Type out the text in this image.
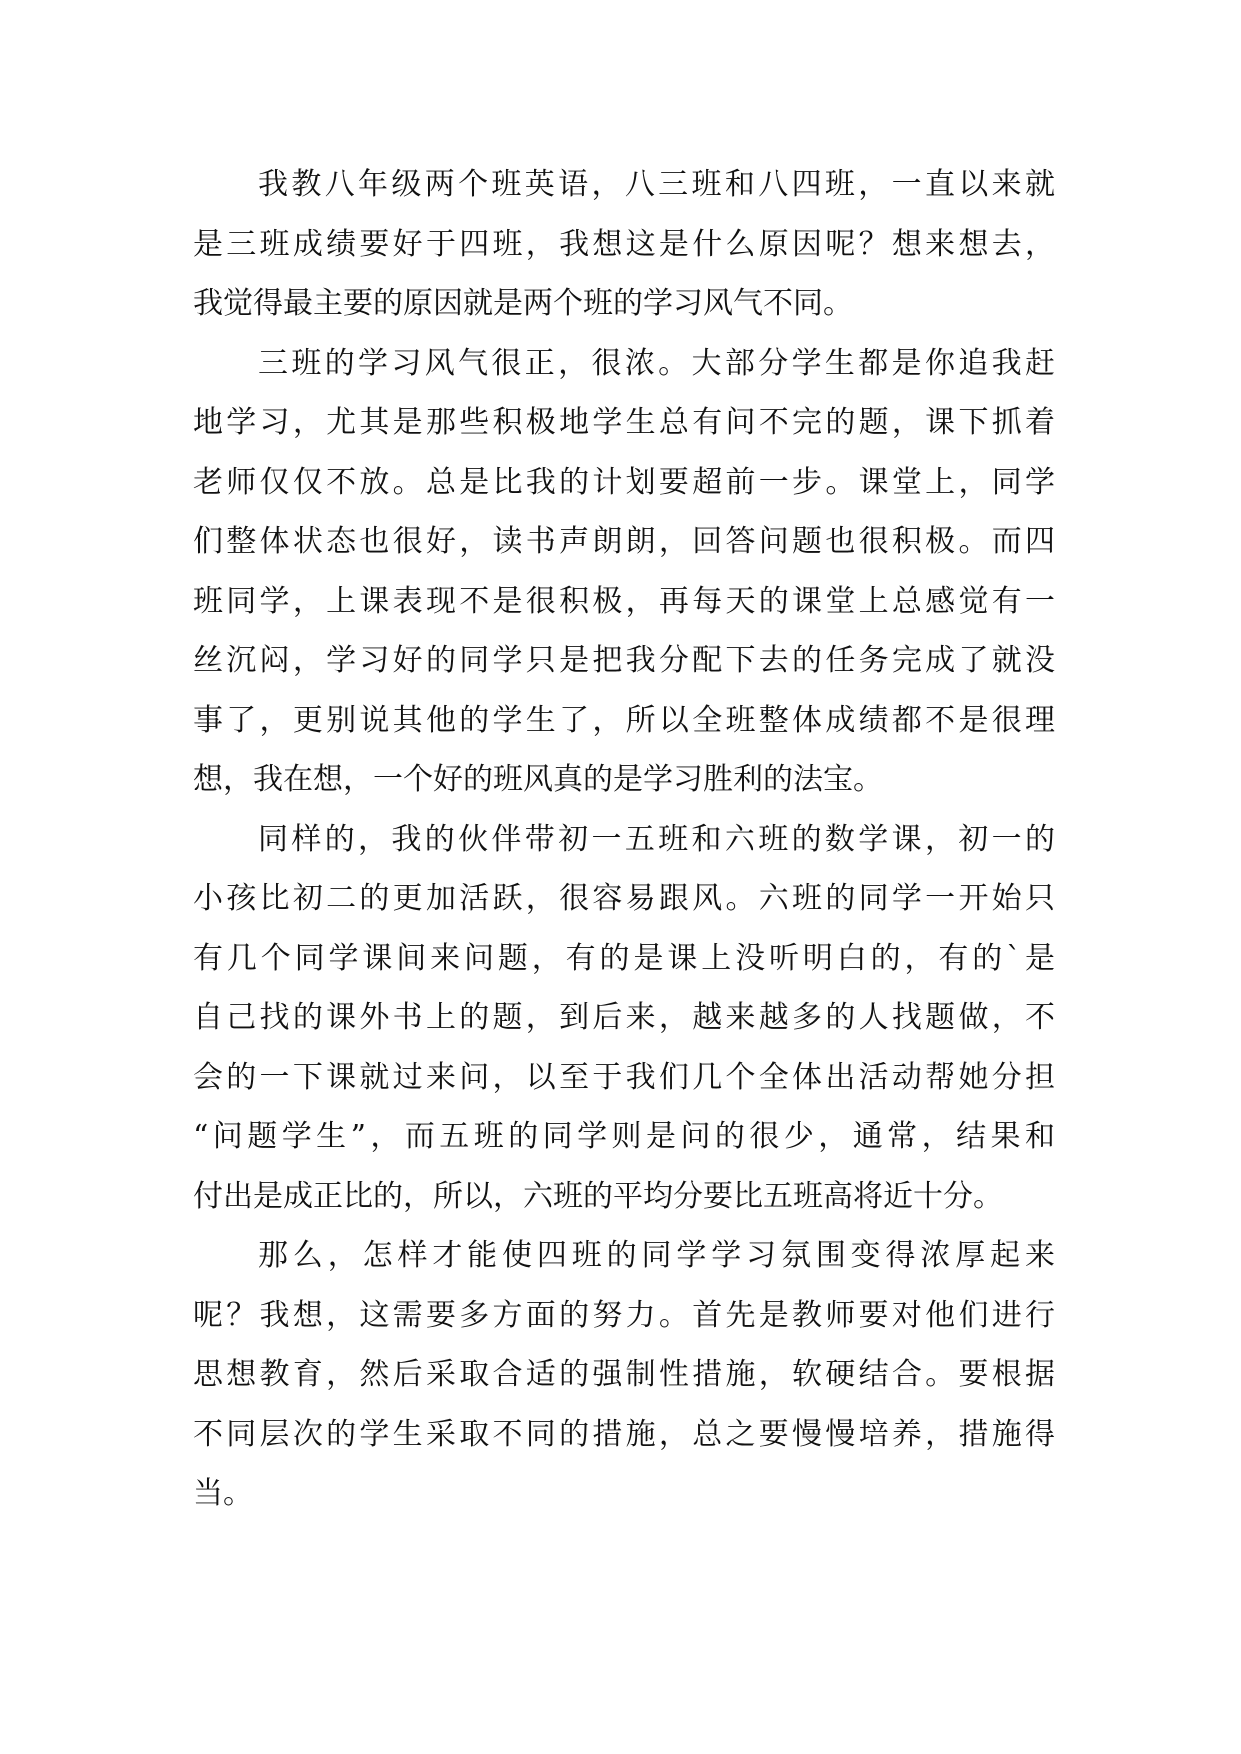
我教八年级两个班英语，八三班和八四班，一直以来就
是三班成绩要好于四班，我想这是什么原因呢？想来想去，
我觉得最主要的原因就是两个班的学习风气不同。
三班的学习风气很正，很浓。大部分学生都是你追我赶
地学习，尤其是那些积极地学生总有问不完的题，课下抓着
老师仅仅不放。总是比我的计划要超前一步。课堂上，同学
们整体状态也很好，读书声朗朗，回答问题也很积极。而四
班同学，上课表现不是很积极，再每天的课堂上总感觉有一
丝沉闷，学习好的同学只是把我分配下去的任务完成了就没
事了，更别说其他的学生了，所以全班整体成绩都不是很理
想，我在想，一个好的班风真的是学习胜利的法宝。
同样的，我的伙伴带初一五班和六班的数学课，初一的
小孩比初二的更加活跃，很容易跟风。六班的同学一开始只
有几个同学课间来问题，有的是课上没听明白的，有的`是
自己找的课外书上的题，到后来，越来越多的人找题做，不
会的一下课就过来问，以至于我们几个全体出活动帮她分担
“问题学生”，而五班的同学则是问的很少，通常，结果和
付出是成正比的，所以，六班的平均分要比五班高将近十分。
那么，怎样才能使四班的同学学习氛围变得浓厚起来
呢？我想，这需要多方面的努力。首先是教师要对他们进行
思想教育，然后采取合适的强制性措施，软硬结合。要根据
不同层次的学生采取不同的措施，总之要慢慢培养，措施得
当。
